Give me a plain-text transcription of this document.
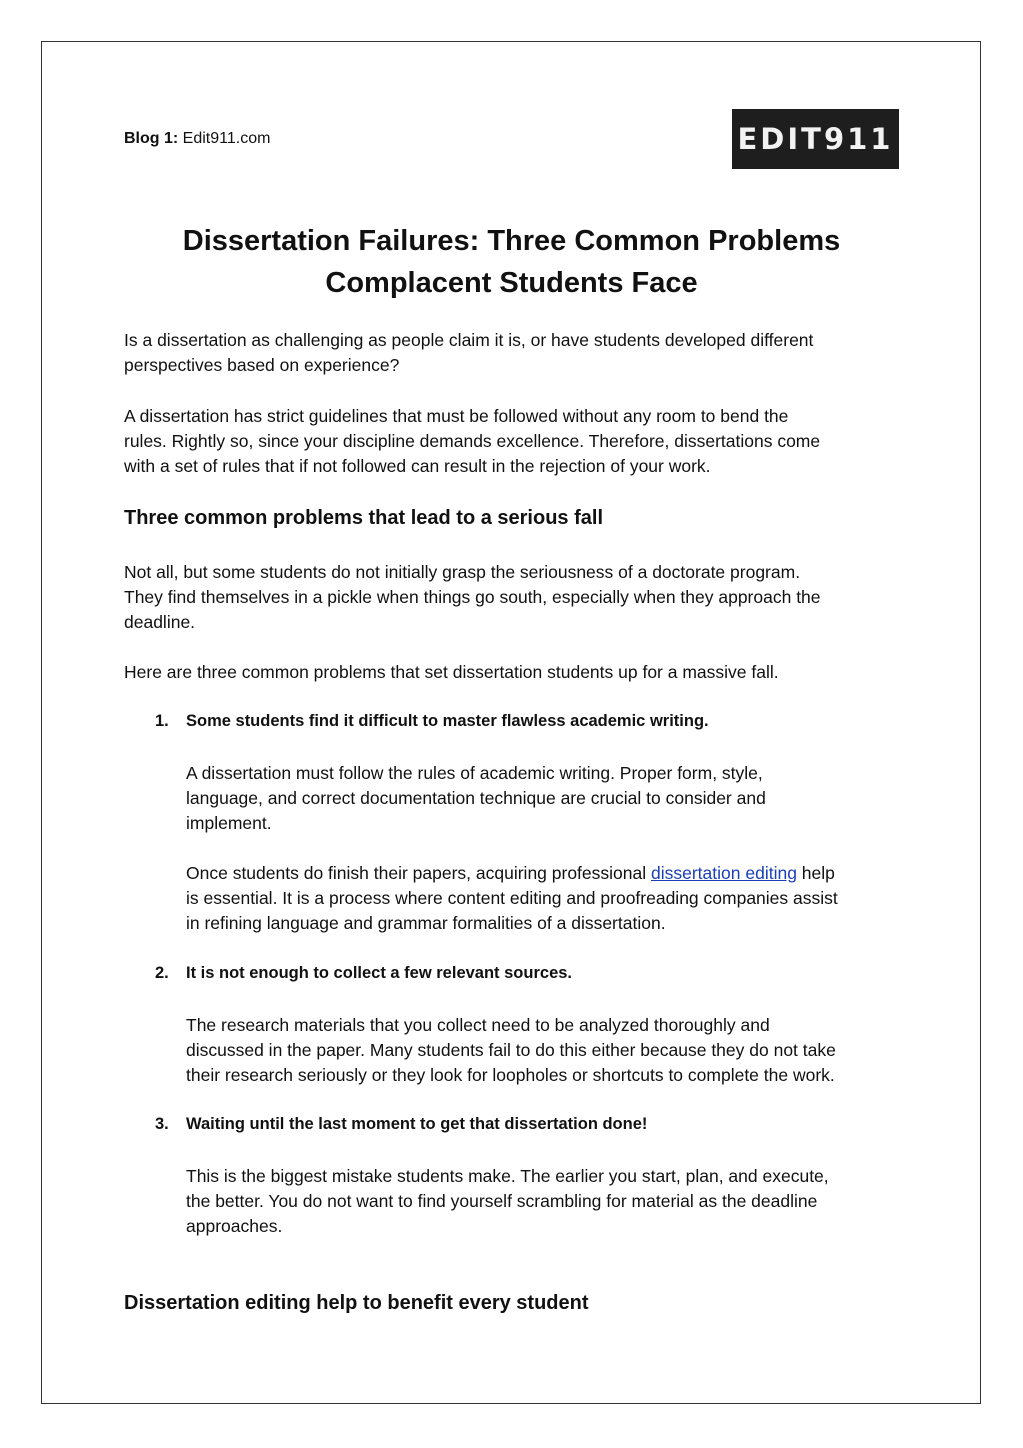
Blog 1: Edit911.com	EDIT911
Dissertation Failures: Three Common Problems
Complacent Students Face
Is a dissertation as challenging as people claim it is, or have students developed different
perspectives based on experience?
A dissertation has strict guidelines that must be followed without any room to bend the
rules. Rightly so, since your discipline demands excellence. Therefore, dissertations come
with a set of rules that if not followed can result in the rejection of your work.
Three common problems that lead to a serious fall
Not all, but some students do not initially grasp the seriousness of a doctorate program.
They find themselves in a pickle when things go south, especially when they approach the
deadline.
Here are three common problems that set dissertation students up for a massive fall.
1. Some students find it difficult to master flawless academic writing.
A dissertation must follow the rules of academic writing. Proper form, style,
language, and correct documentation technique are crucial to consider and
implement.
Once students do finish their papers, acquiring professional dissertation editing help
is essential. It is a process where content editing and proofreading companies assist
in refining language and grammar formalities of a dissertation.
2. It is not enough to collect a few relevant sources.
The research materials that you collect need to be analyzed thoroughly and
discussed in the paper. Many students fail to do this either because they do not take
their research seriously or they look for loopholes or shortcuts to complete the work.
3. Waiting until the last moment to get that dissertation done!
This is the biggest mistake students make. The earlier you start, plan, and execute,
the better. You do not want to find yourself scrambling for material as the deadline
approaches.
Dissertation editing help to benefit every student
